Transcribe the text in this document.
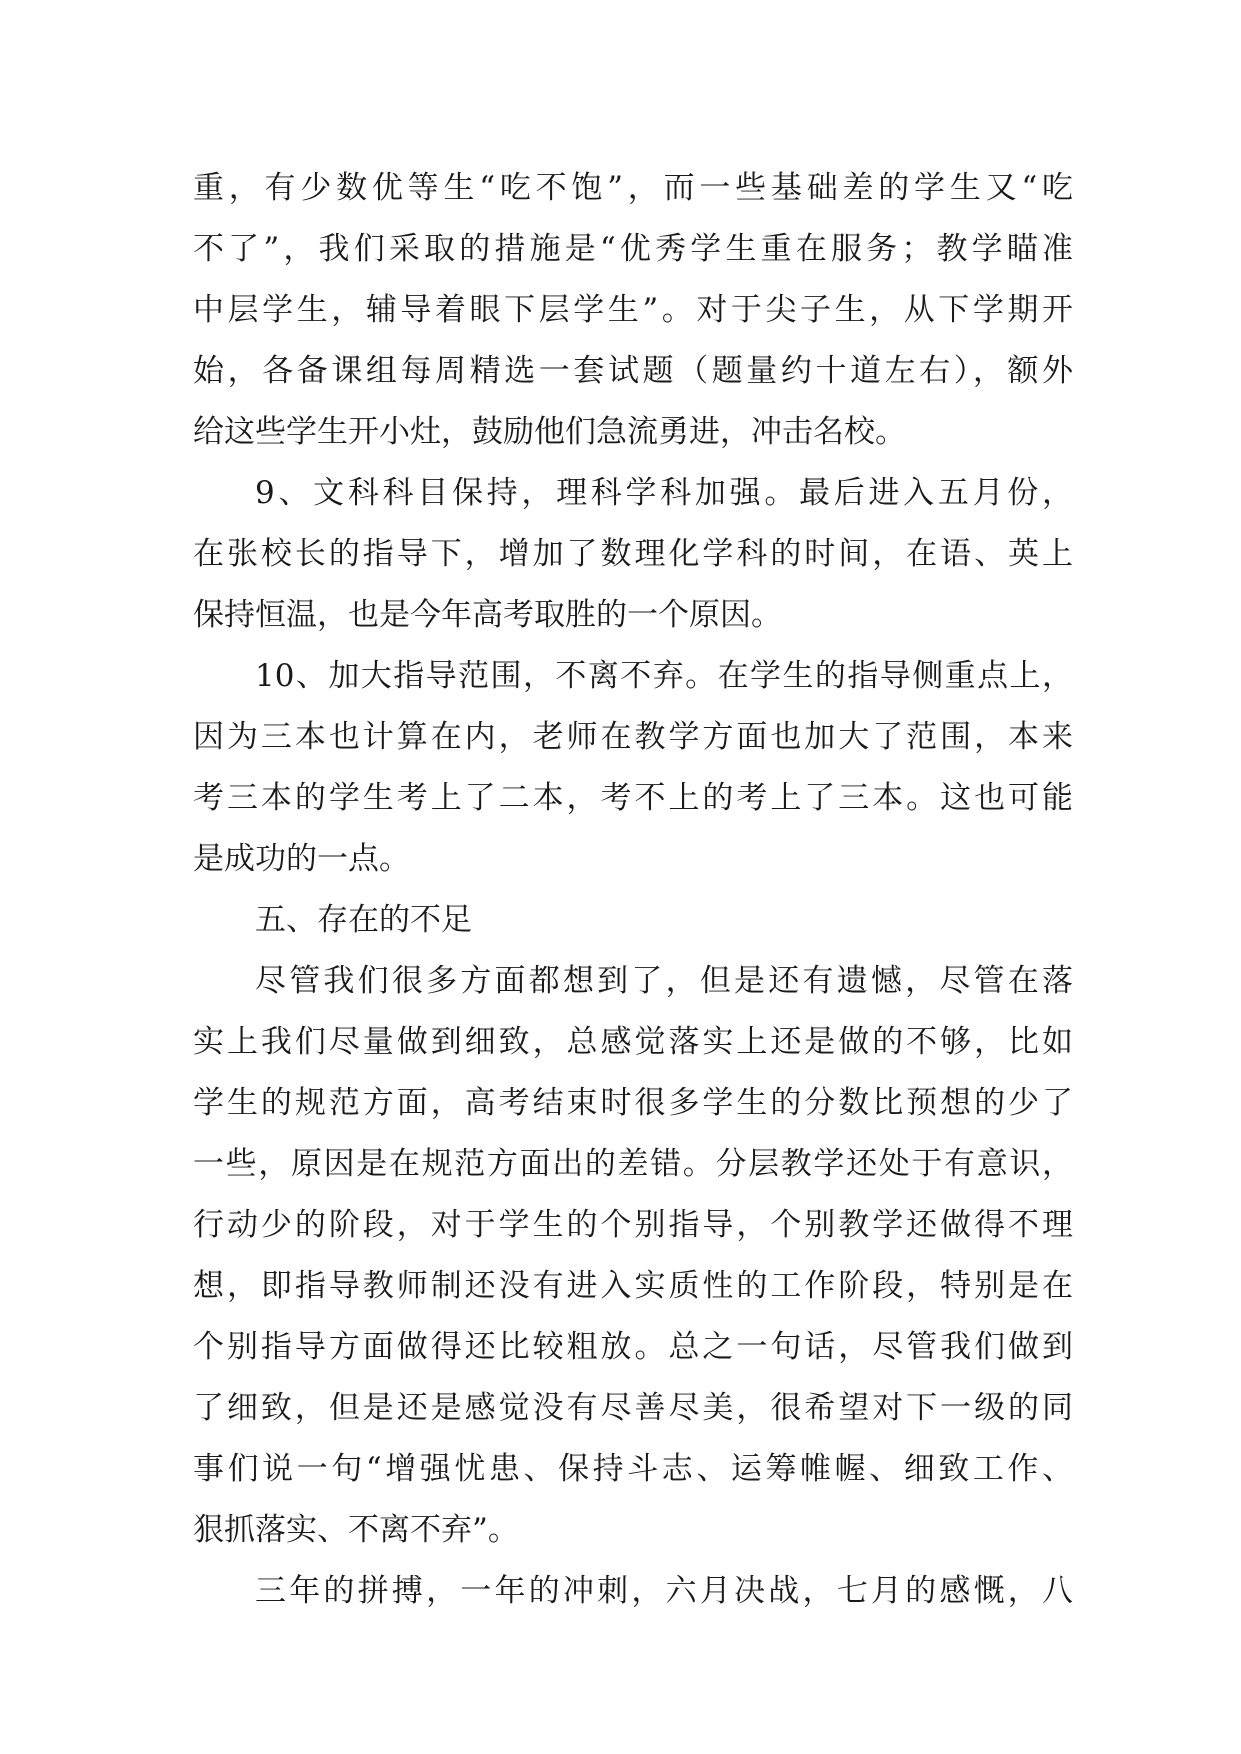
重，有少数优等生“吃不饱”，而一些基础差的学生又“吃
不了”，我们采取的措施是“优秀学生重在服务；教学瞄准
中层学生，辅导着眼下层学生”。对于尖子生，从下学期开
始，各备课组每周精选一套试题（题量约十道左右），额外
给这些学生开小灶，鼓励他们急流勇进，冲击名校。
9、文科科目保持，理科学科加强。最后进入五月份，
在张校长的指导下，增加了数理化学科的时间，在语、英上
保持恒温，也是今年高考取胜的一个原因。
10、加大指导范围，不离不弃。在学生的指导侧重点上，
因为三本也计算在内，老师在教学方面也加大了范围，本来
考三本的学生考上了二本，考不上的考上了三本。这也可能
是成功的一点。
五、存在的不足
尽管我们很多方面都想到了，但是还有遗憾，尽管在落
实上我们尽量做到细致，总感觉落实上还是做的不够，比如
学生的规范方面，高考结束时很多学生的分数比预想的少了
一些，原因是在规范方面出的差错。分层教学还处于有意识，
行动少的阶段，对于学生的个别指导，个别教学还做得不理
想，即指导教师制还没有进入实质性的工作阶段，特别是在
个别指导方面做得还比较粗放。总之一句话，尽管我们做到
了细致，但是还是感觉没有尽善尽美，很希望对下一级的同
事们说一句“增强忧患、保持斗志、运筹帷幄、细致工作、
狠抓落实、不离不弃”。
三年的拼搏，一年的冲刺，六月决战，七月的感慨，八
